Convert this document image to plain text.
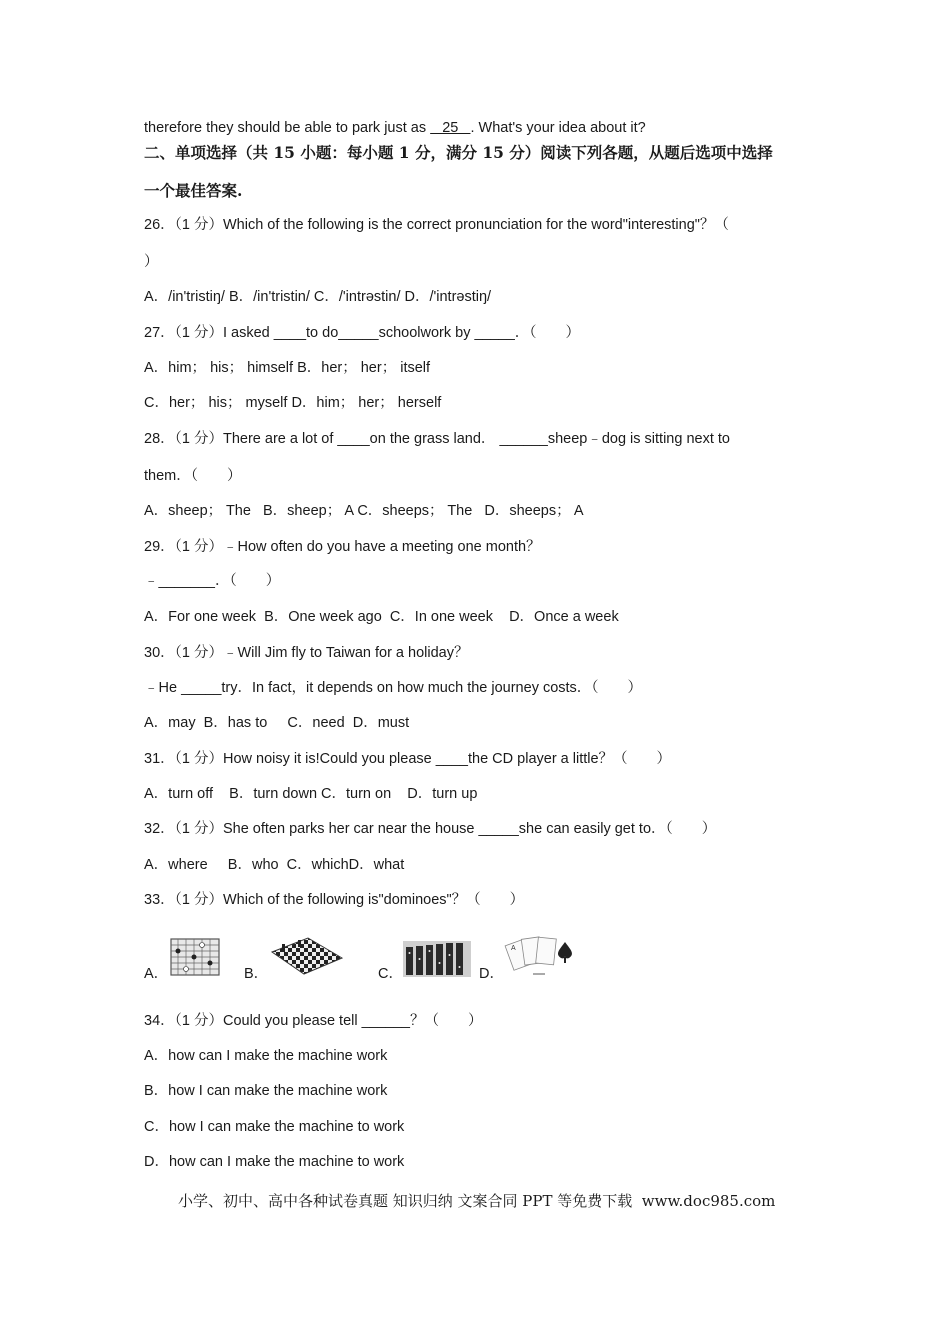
therefore they should be able to park just as    25   . What's your idea about it?
二、单项选择（共 15 小题：每小题 1 分，满分 15 分）阅读下列各题，从题后选项中选择
一个最佳答案.
26．（1 分）Which of the following is the correct pronunciation for the word"interesting"？（
）
A．/in'tristiŋ/ B．/in'tristin/ C．/'intrəstin/ D．/'intrəstiŋ/
27．（1 分）I asked ____to do_____schoolwork by _____．（　　）
A．him； his； himself B．her； her； itself
C．her； his； myself D．him； her； herself
28．（1 分）There are a lot of ____on the grass land． ______sheep﹣dog is sitting next to
them．（　　）
A．sheep； The   B．sheep； A C．sheeps； The   D．sheeps； A
29．（1 分）﹣How often do you have a meeting one month？
﹣_______．（　　）
A．For one week  B．One week ago  C．In one week    D．Once a week
30．（1 分）﹣Will Jim fly to Taiwan for a holiday？
﹣He _____try．In fact，it depends on how much the journey costs．（　　）
A．may  B．has to     C．need  D．must
31．（1 分）How noisy it is!Could you please ____the CD player a little？（　　）
A．turn off    B．turn down C．turn on    D．turn up
32．（1 分）She often parks her car near the house _____she can easily get to．（　　）
A．where     B．who  C．whichD．what
33．（1 分）Which of the following is"dominoes"？（　　）
A．	B．	C．	D．
A
34．（1 分）Could you please tell ______？（　　）
A．how can I make the machine work
B．how I can make the machine work
C．how I can make the machine to work
D．how can I make the machine to work
小学、初中、高中各种试卷真题 知识归纳 文案合同 PPT 等免费下载  www.doc985.com
